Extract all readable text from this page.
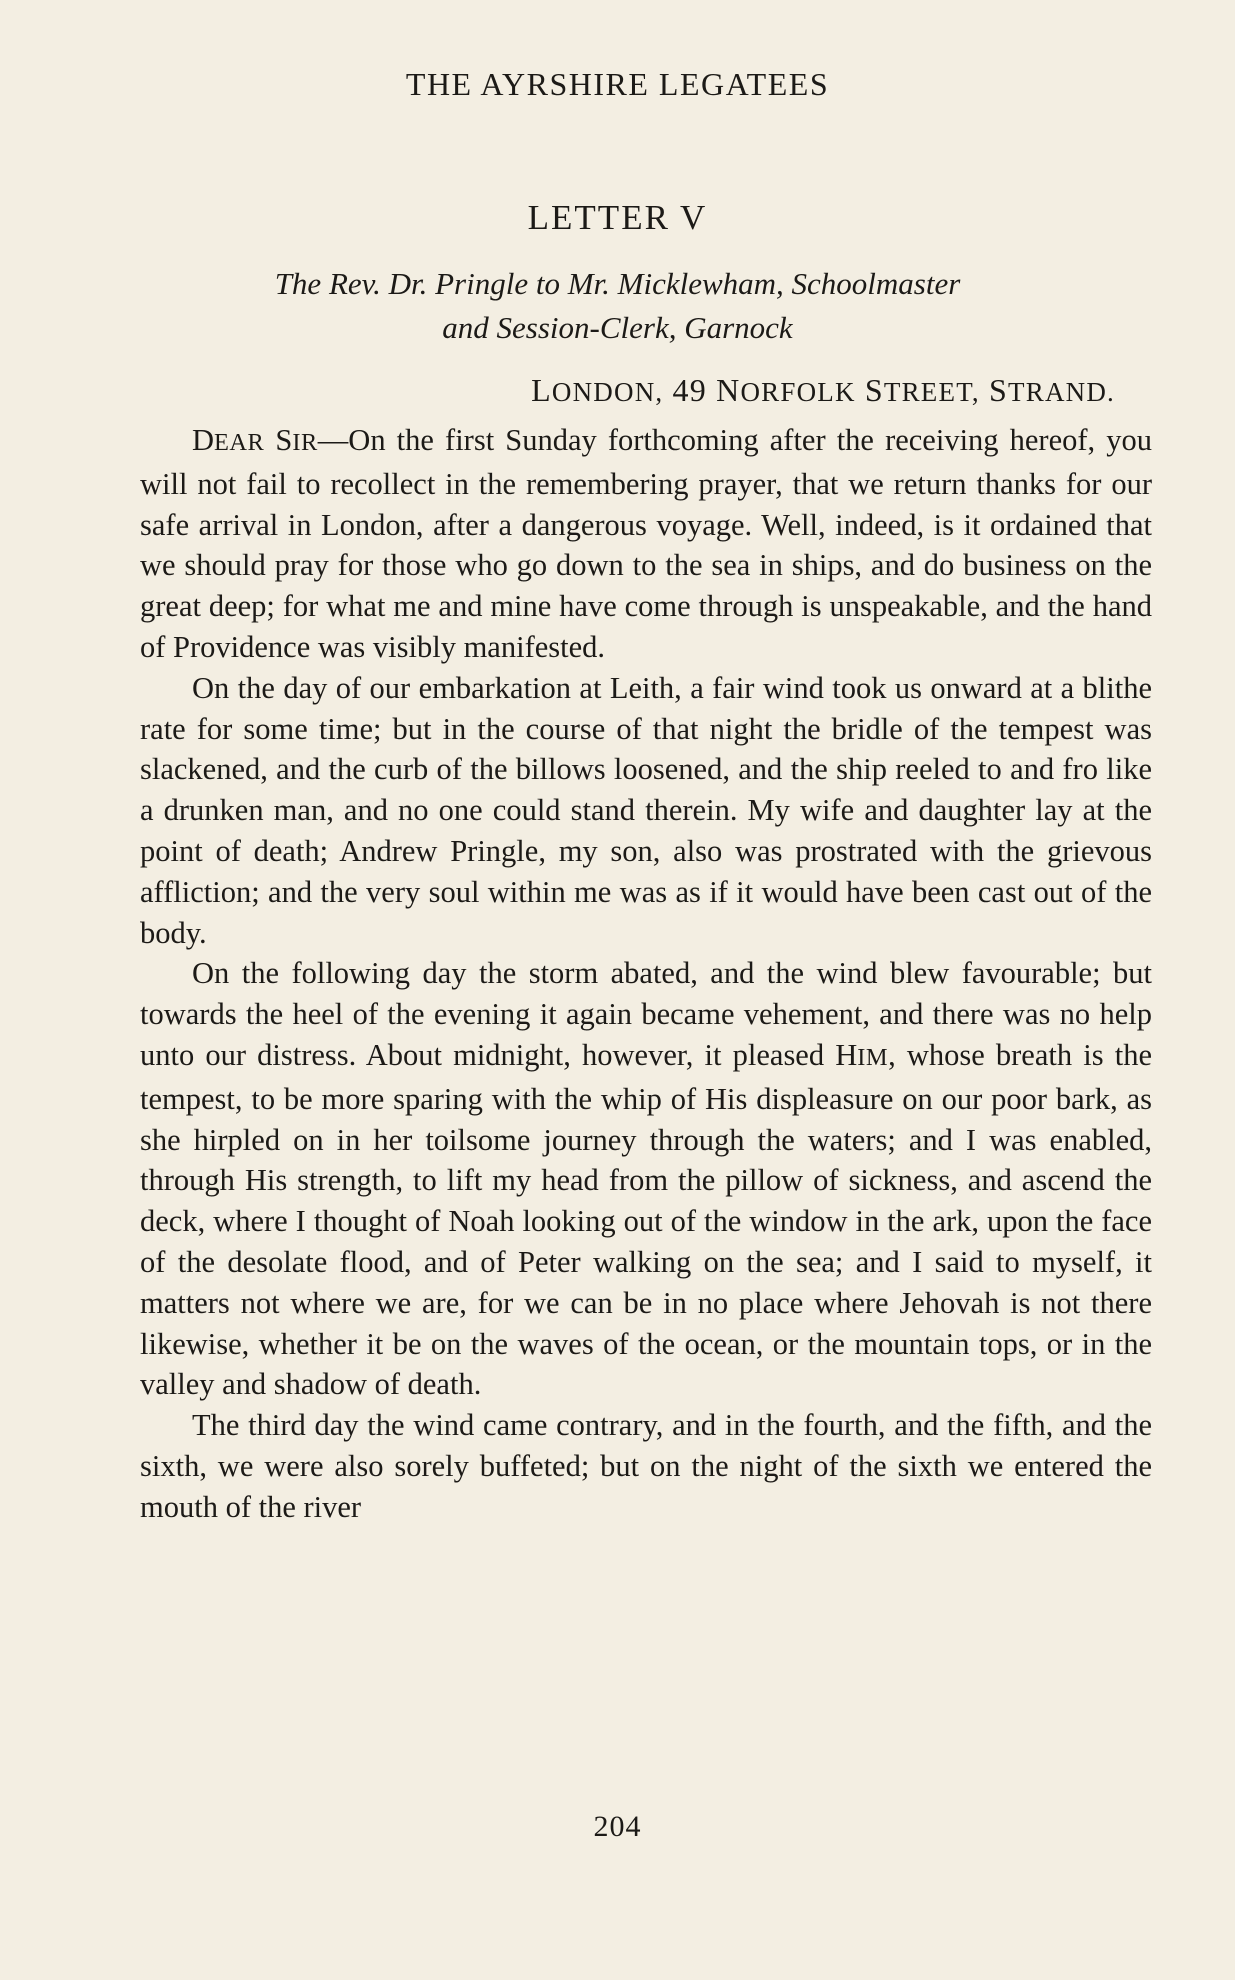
THE AYRSHIRE LEGATEES
LETTER V
The Rev. Dr. Pringle to Mr. Micklewham, Schoolmaster
and Session-Clerk, Garnock
LONDON, 49 NORFOLK STREET, STRAND.

DEAR SIR—On the first Sunday forthcoming after the receiving hereof, you will not fail to recollect in the remembering prayer, that we return thanks for our safe arrival in London, after a dangerous voyage. Well, indeed, is it ordained that we should pray for those who go down to the sea in ships, and do business on the great deep; for what me and mine have come through is unspeakable, and the hand of Providence was visibly manifested.

On the day of our embarkation at Leith, a fair wind took us onward at a blithe rate for some time; but in the course of that night the bridle of the tempest was slackened, and the curb of the billows loosened, and the ship reeled to and fro like a drunken man, and no one could stand therein. My wife and daughter lay at the point of death; Andrew Pringle, my son, also was prostrated with the grievous affliction; and the very soul within me was as if it would have been cast out of the body.

On the following day the storm abated, and the wind blew favourable; but towards the heel of the evening it again became vehement, and there was no help unto our distress. About midnight, however, it pleased HIM, whose breath is the tempest, to be more sparing with the whip of His displeasure on our poor bark, as she hirpled on in her toilsome journey through the waters; and I was enabled, through His strength, to lift my head from the pillow of sickness, and ascend the deck, where I thought of Noah looking out of the window in the ark, upon the face of the desolate flood, and of Peter walking on the sea; and I said to myself, it matters not where we are, for we can be in no place where Jehovah is not there likewise, whether it be on the waves of the ocean, or the mountain tops, or in the valley and shadow of death.

The third day the wind came contrary, and in the fourth, and the fifth, and the sixth, we were also sorely buffeted; but on the night of the sixth we entered the mouth of the river

204
